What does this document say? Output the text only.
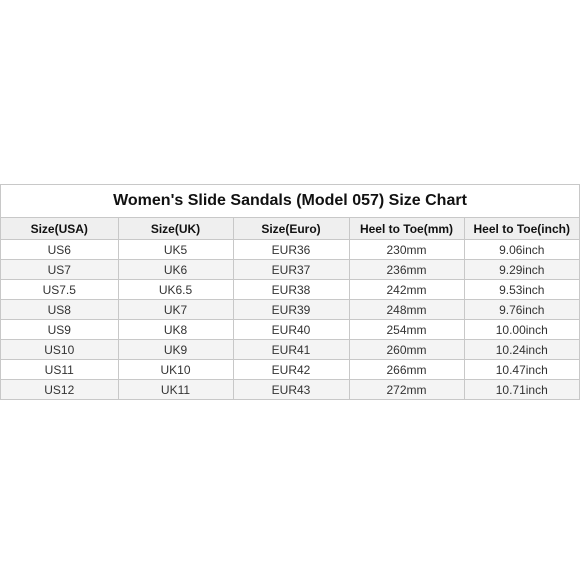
Women's Slide Sandals (Model 057) Size Chart
Size(USA)	Size(UK)	Size(Euro)	Heel to Toe(mm)	Heel to Toe(inch)
US6	UK5	EUR36	230mm	9.06inch
US7	UK6	EUR37	236mm	9.29inch
US7.5	UK6.5	EUR38	242mm	9.53inch
US8	UK7	EUR39	248mm	9.76inch
US9	UK8	EUR40	254mm	10.00inch
US10	UK9	EUR41	260mm	10.24inch
US11	UK10	EUR42	266mm	10.47inch
US12	UK11	EUR43	272mm	10.71inch
